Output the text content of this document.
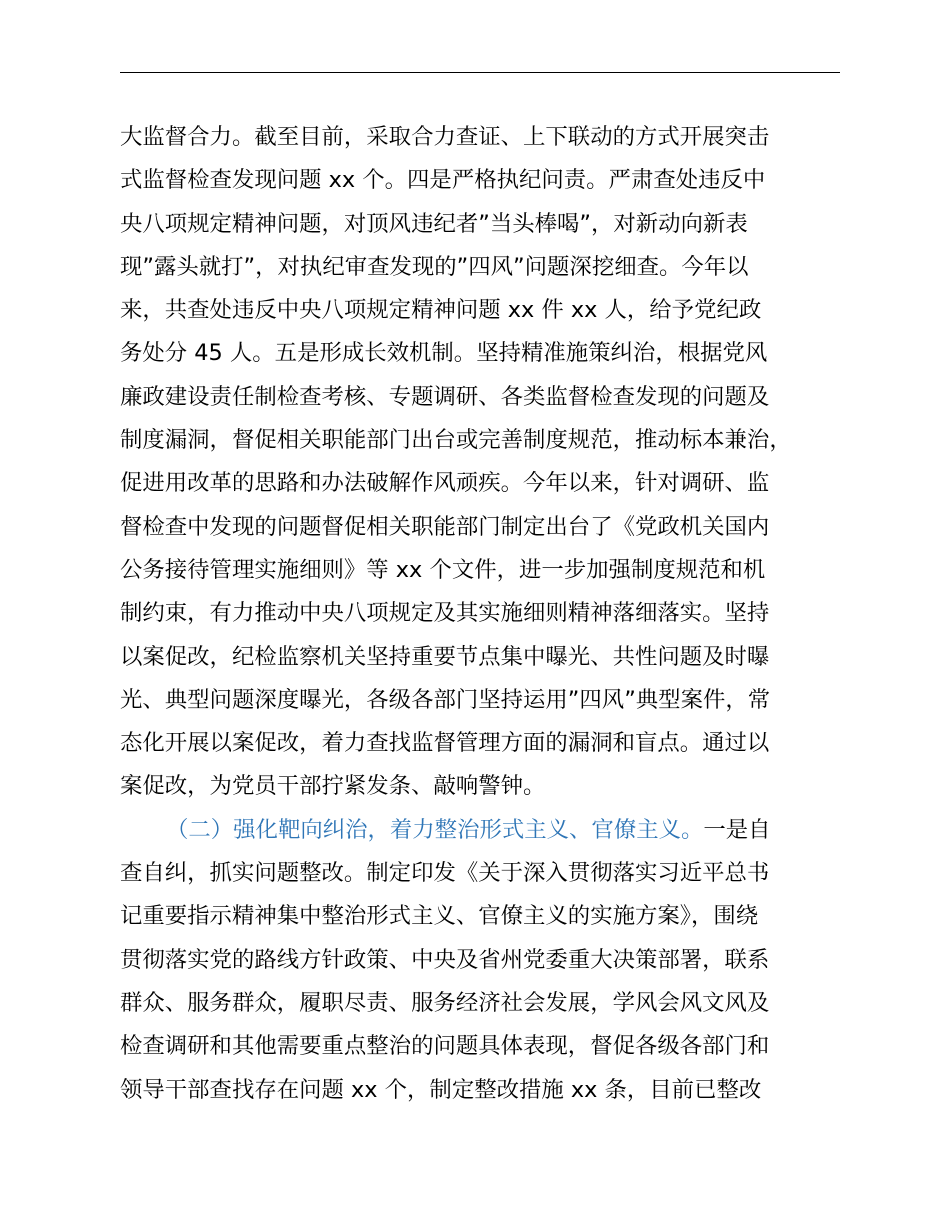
大监督合力。截至目前，采取合力查证、上下联动的方式开展突击
式监督检查发现问题 xx 个。四是严格执纪问责。严肃查处违反中
央八项规定精神问题，对顶风违纪者”当头棒喝”，对新动向新表
现”露头就打”，对执纪审查发现的”四风”问题深挖细查。今年以
来，共查处违反中央八项规定精神问题 xx 件 xx 人，给予党纪政
务处分 45 人。五是形成长效机制。坚持精准施策纠治，根据党风
廉政建设责任制检查考核、专题调研、各类监督检查发现的问题及
制度漏洞，督促相关职能部门出台或完善制度规范，推动标本兼治，
促进用改革的思路和办法破解作风顽疾。今年以来，针对调研、监
督检查中发现的问题督促相关职能部门制定出台了《党政机关国内
公务接待管理实施细则》等 xx 个文件，进一步加强制度规范和机
制约束，有力推动中央八项规定及其实施细则精神落细落实。坚持
以案促改，纪检监察机关坚持重要节点集中曝光、共性问题及时曝
光、典型问题深度曝光，各级各部门坚持运用”四风”典型案件，常
态化开展以案促改，着力查找监督管理方面的漏洞和盲点。通过以
案促改，为党员干部拧紧发条、敲响警钟。
（二）强化靶向纠治，着力整治形式主义、官僚主义。一是自
查自纠，抓实问题整改。制定印发《关于深入贯彻落实习近平总书
记重要指示精神集中整治形式主义、官僚主义的实施方案》，围绕
贯彻落实党的路线方针政策、中央及省州党委重大决策部署，联系
群众、服务群众，履职尽责、服务经济社会发展，学风会风文风及
检查调研和其他需要重点整治的问题具体表现，督促各级各部门和
领导干部查找存在问题 xx 个，制定整改措施 xx 条，目前已整改
